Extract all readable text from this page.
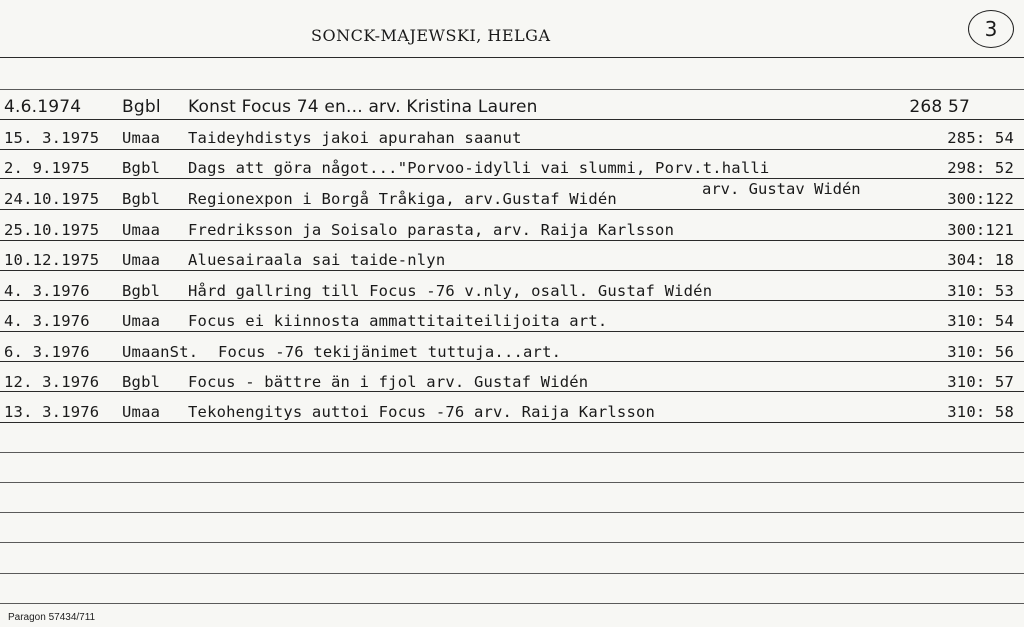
SONCK-MAJEWSKI, HELGA	3
4.6.1974 Bgbl Konst Focus 74 en... arv. Kristina Lauren	268 57
15. 3.1975 Umaa Taideyhdistys jakoi apurahan saanut	285: 54
2. 9.1975 Bgbl Dags att göra något..."Porvoo-idylli vai slummi, Porv.t.halli	298: 52
arv. Gustav Widén
24.10.1975 Bgbl Regionexpon i Borgå Tråkiga, arv.Gustaf Widén	300:122
25.10.1975 Umaa Fredriksson ja Soisalo parasta, arv. Raija Karlsson	300:121
10.12.1975 Umaa Aluesairaala sai taide-nlyn	304: 18
4. 3.1976 Bgbl Hård gallring till Focus -76 v.nly, osall. Gustaf Widén	310: 53
4. 3.1976 Umaa Focus ei kiinnosta ammattitaiteilijoita art.	310: 54
6. 3.1976 UmaanSt. Focus -76 tekijänimet tuttuja...art.	310: 56
12. 3.1976 Bgbl Focus - bättre än i fjol arv. Gustaf Widén	310: 57
13. 3.1976 Umaa Tekohengitys auttoi Focus -76 arv. Raija Karlsson	310: 58
Paragon 57434/711
